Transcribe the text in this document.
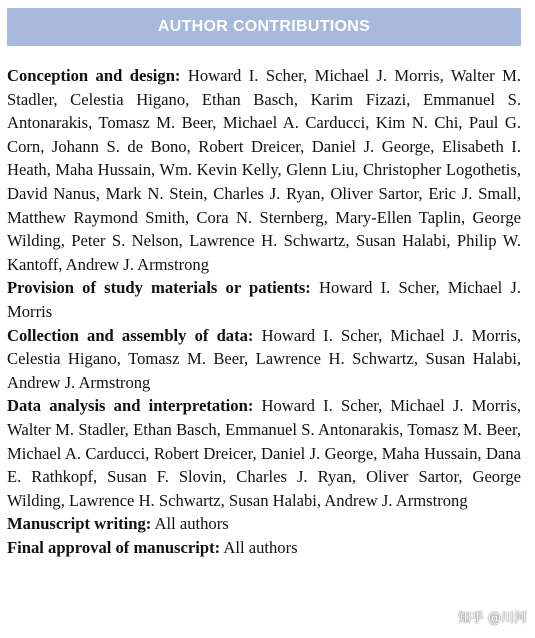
AUTHOR CONTRIBUTIONS

Conception and design: Howard I. Scher, Michael J. Morris, Walter M. Stadler, Celestia Higano, Ethan Basch, Karim Fizazi, Emmanuel S. Antonarakis, Tomasz M. Beer, Michael A. Carducci, Kim N. Chi, Paul G. Corn, Johann S. de Bono, Robert Dreicer, Daniel J. George, Elisabeth I. Heath, Maha Hussain, Wm. Kevin Kelly, Glenn Liu, Christopher Logothetis, David Nanus, Mark N. Stein, Charles J. Ryan, Oliver Sartor, Eric J. Small, Matthew Raymond Smith, Cora N. Sternberg, Mary-Ellen Taplin, George Wilding, Peter S. Nelson, Lawrence H. Schwartz, Susan Halabi, Philip W. Kantoff, Andrew J. Armstrong

Provision of study materials or patients: Howard I. Scher, Michael J. Morris

Collection and assembly of data: Howard I. Scher, Michael J. Morris, Celestia Higano, Tomasz M. Beer, Lawrence H. Schwartz, Susan Halabi, Andrew J. Armstrong

Data analysis and interpretation: Howard I. Scher, Michael J. Morris, Walter M. Stadler, Ethan Basch, Emmanuel S. Antonarakis, Tomasz M. Beer, Michael A. Carducci, Robert Dreicer, Daniel J. George, Maha Hussain, Dana E. Rathkopf, Susan F. Slovin, Charles J. Ryan, Oliver Sartor, George Wilding, Lawrence H. Schwartz, Susan Halabi, Andrew J. Armstrong

Manuscript writing: All authors

Final approval of manuscript: All authors

知乎 @川河
